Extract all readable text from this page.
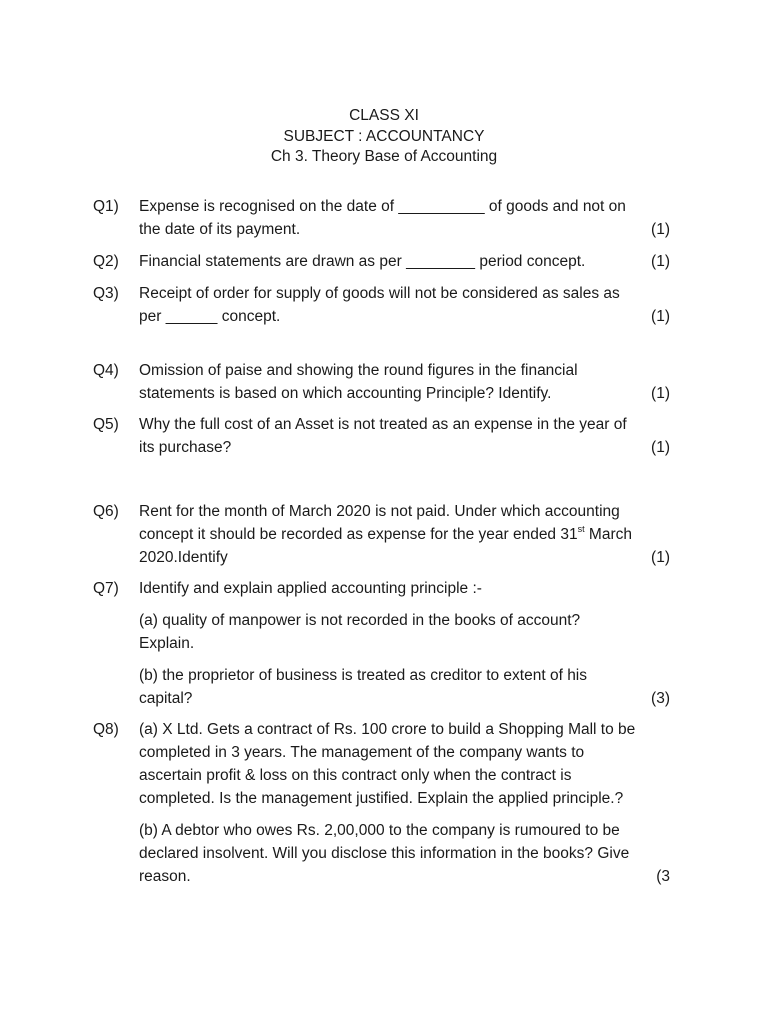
CLASS XI
SUBJECT : ACCOUNTANCY
Ch 3. Theory Base of Accounting
Q1) Expense is recognised on the date of __________ of goods and not on
the date of its payment.	(1)
Q2) Financial statements are drawn as per ________ period concept.	(1)
Q3) Receipt of order for supply of goods will not be considered as sales as
per ______ concept.	(1)
Q4) Omission of paise and showing the round figures in the financial
statements is based on which accounting Principle? Identify.	(1)
Q5) Why the full cost of an Asset is not treated as an expense in the year of
its purchase?	(1)
Q6) Rent for the month of March 2020 is not paid. Under which accounting
concept it should be recorded as expense for the year ended 31st March
2020.Identify	(1)
Q7) Identify and explain applied accounting principle :-
(a) quality of manpower is not recorded in the books of account?
Explain.
(b) the proprietor of business is treated as creditor to extent of his
capital?	(3)
Q8) (a) X Ltd. Gets a contract of Rs. 100 crore to build a Shopping Mall to be
completed in 3 years. The management of the company wants to
ascertain profit & loss on this contract only when the contract is
completed. Is the management justified. Explain the applied principle.?
(b) A debtor who owes Rs. 2,00,000 to the company is rumoured to be
declared insolvent. Will you disclose this information in the books? Give
reason.	(3
